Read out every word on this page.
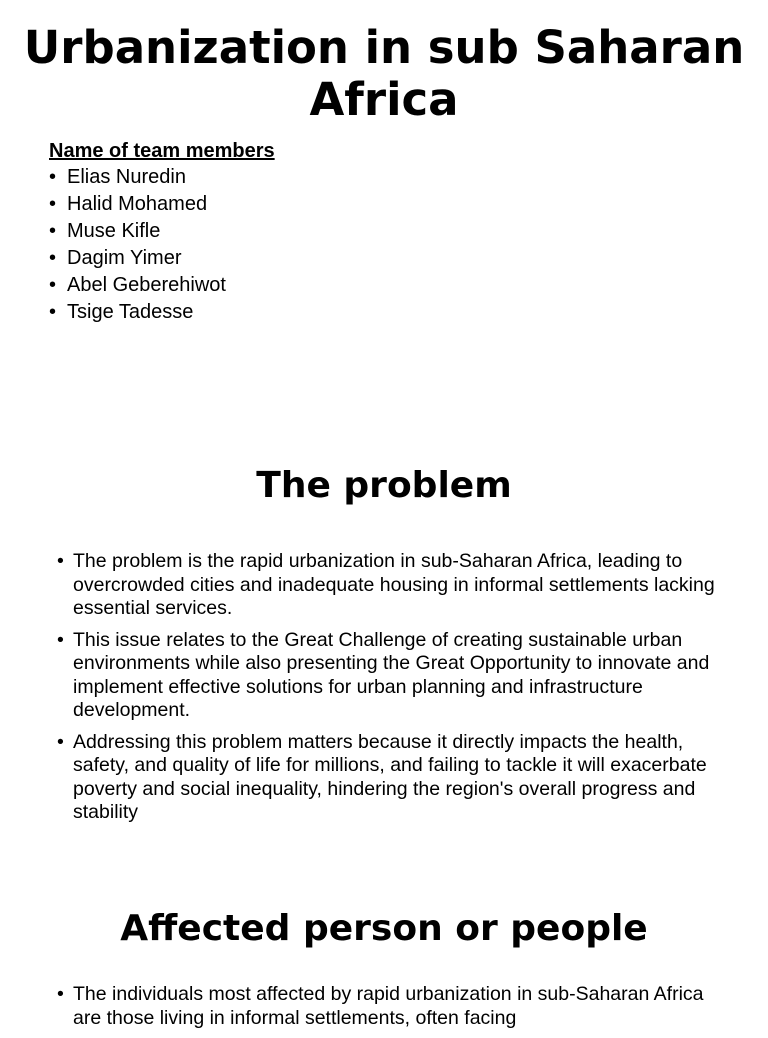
Urbanization in sub Saharan Africa

Name of team members

• Elias Nuredin
• Halid Mohamed
• Muse Kifle
• Dagim Yimer
• Abel Geberehiwot
• Tsige Tadesse
The problem
• The problem is the rapid urbanization in sub-Saharan Africa, leading to overcrowded cities and inadequate housing in informal settlements lacking essential services.
• This issue relates to the Great Challenge of creating sustainable urban environments while also presenting the Great Opportunity to innovate and implement effective solutions for urban planning and infrastructure development.
• Addressing this problem matters because it directly impacts the health, safety, and quality of life for millions, and failing to tackle it will exacerbate poverty and social inequality, hindering the region's overall progress and stability
Affected person or people
• The individuals most affected by rapid urbanization in sub-Saharan Africa are those living in informal settlements, often facing
